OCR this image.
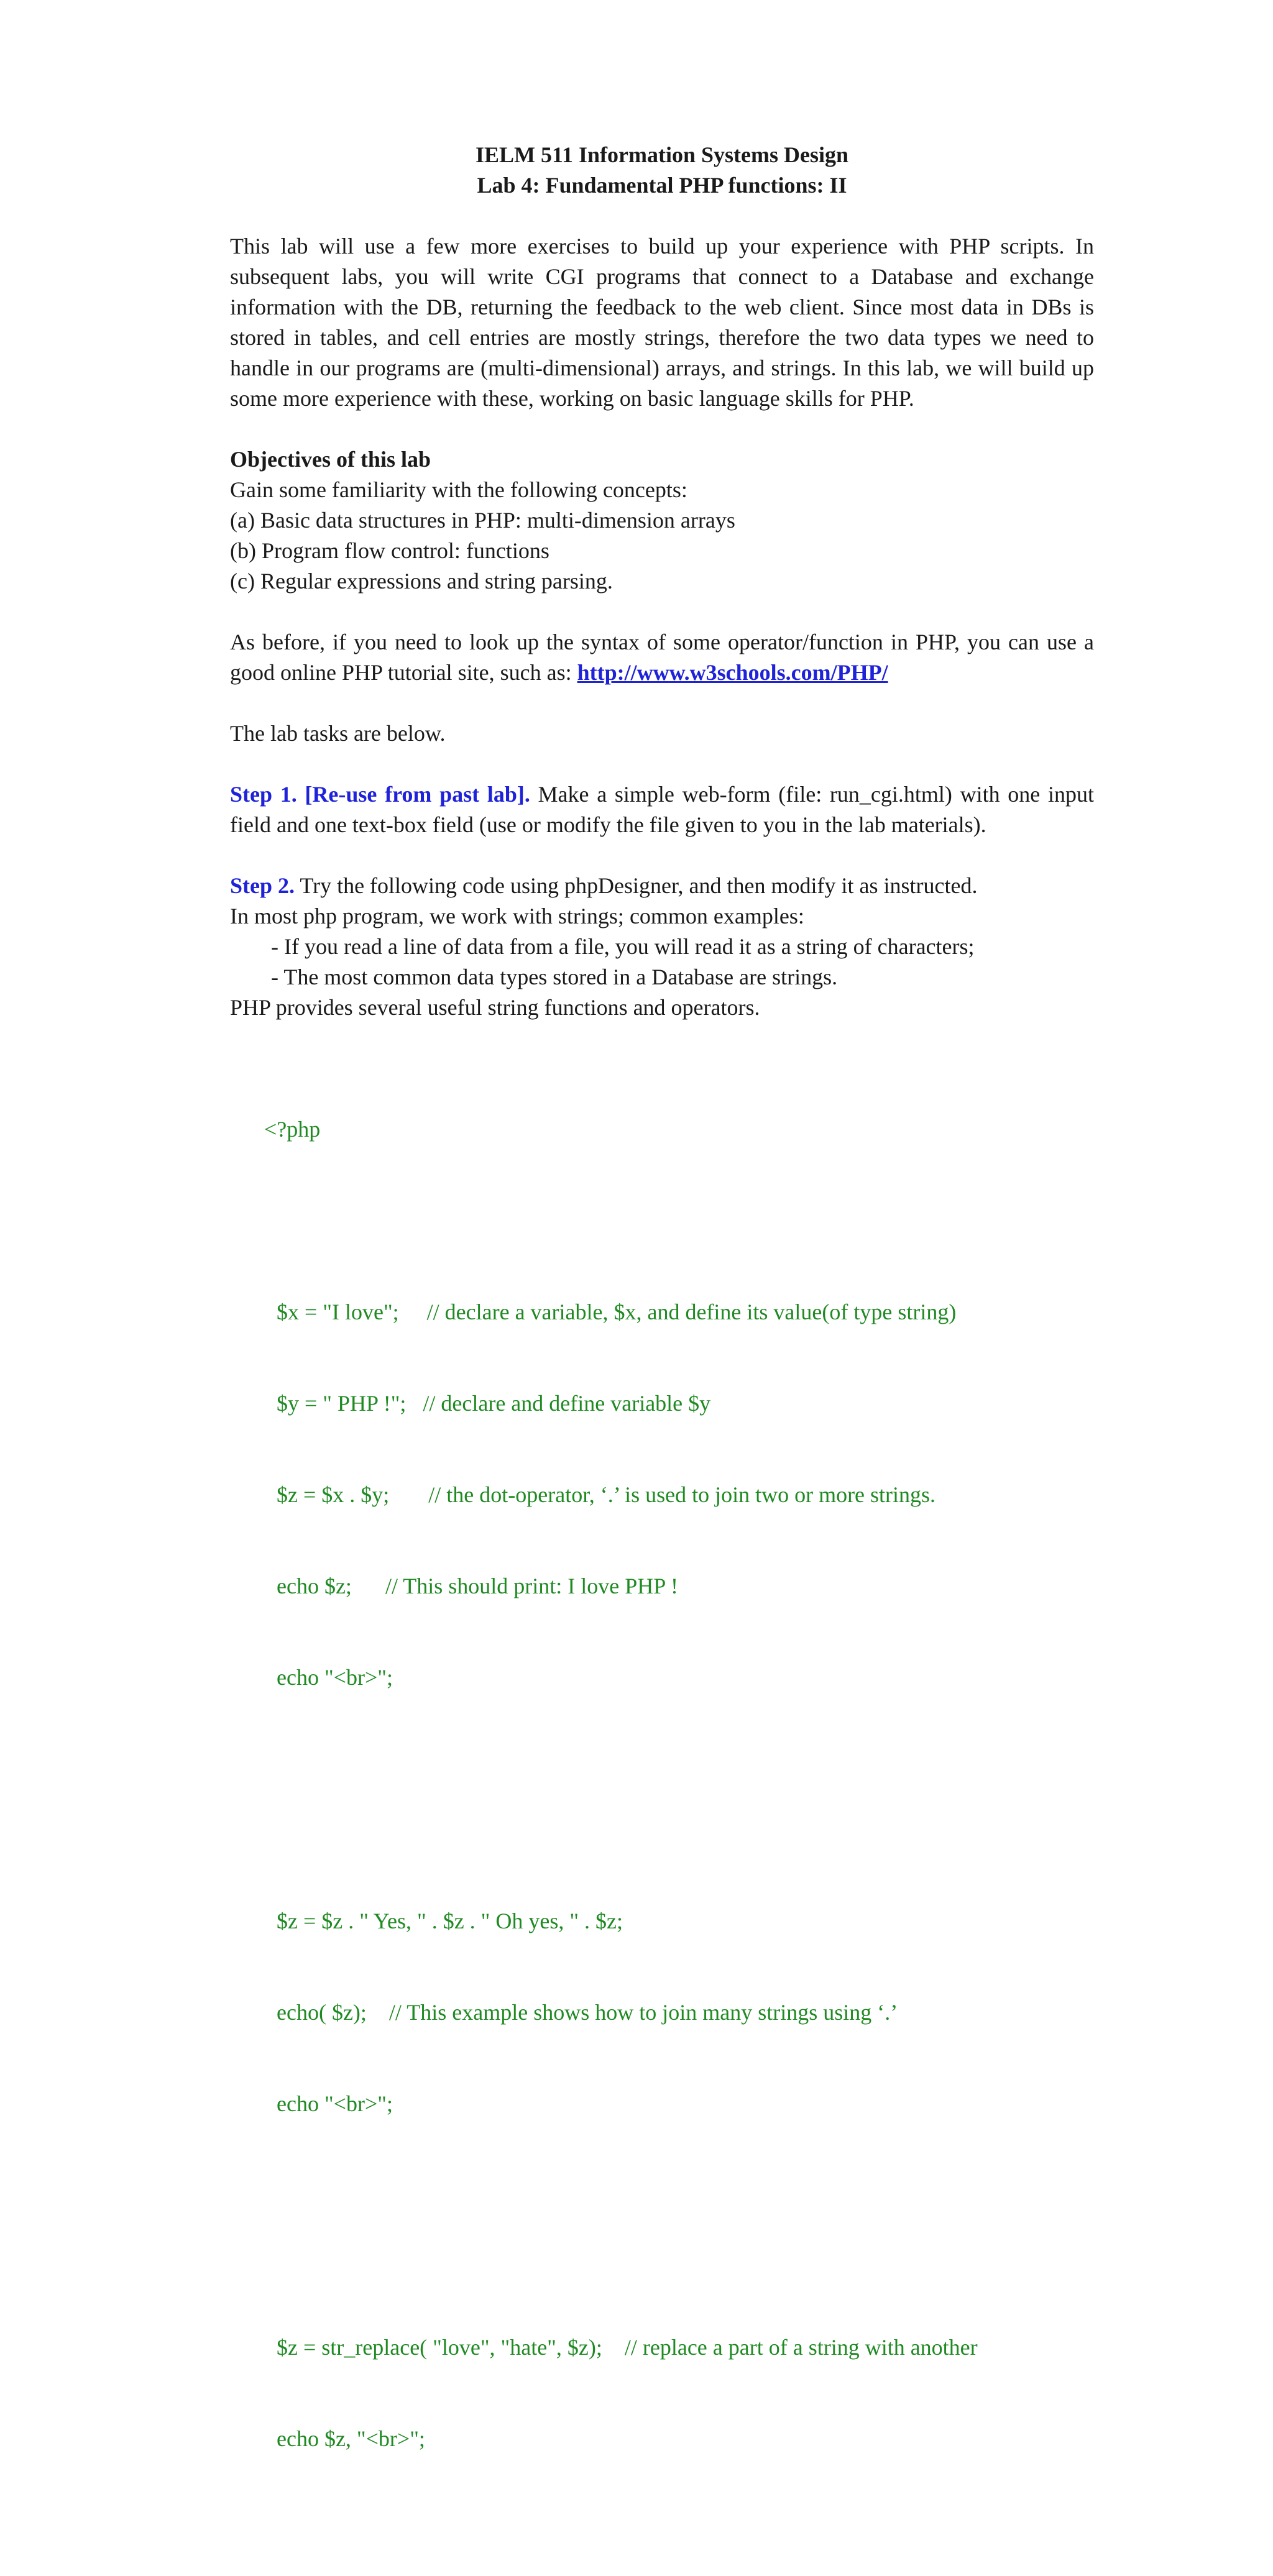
IELM 511 Information Systems Design

Lab 4: Fundamental PHP functions: II

This lab will use a few more exercises to build up your experience with PHP scripts. In subsequent labs, you will write CGI programs that connect to a Database and exchange information with the DB, returning the feedback to the web client. Since most data in DBs is stored in tables, and cell entries are mostly strings, therefore the two data types we need to handle in our programs are (multi-dimensional) arrays, and strings. In this lab, we will build up some more experience with these, working on basic language skills for PHP.

Objectives of this lab

Gain some familiarity with the following concepts:

(a) Basic data structures in PHP: multi-dimension arrays

(b) Program flow control: functions

(c) Regular expressions and string parsing.

As before, if you need to look up the syntax of some operator/function in PHP, you can use a good online PHP tutorial site, such as: http://www.w3schools.com/PHP/

The lab tasks are below.

Step 1. [Re-use from past lab]. Make a simple web-form (file: run_cgi.html) with one input field and one text-box field (use or modify the file given to you in the lab materials).

Step 2. Try the following code using phpDesigner, and then modify it as instructed.

In most php program, we work with strings; common examples:

- If you read a line of data from a file, you will read it as a string of characters;

- The most common data types stored in a Database are strings.

PHP provides several useful string functions and operators.

<?php

$x = "I love"; // declare a variable, $x, and define its value(of type string)

$y = " PHP !"; // declare and define variable $y

$z = $x . $y; // the dot-operator, ‘.’ is used to join two or more strings.

echo $z; // This should print: I love PHP !

echo "<br>";

$z = $z . " Yes, " . $z . " Oh yes, " . $z;

echo( $z); // This example shows how to join many strings using ‘.’

echo "<br>";

$z = str_replace( "love", "hate", $z); // replace a part of a string with another

echo $z, "<br>";
